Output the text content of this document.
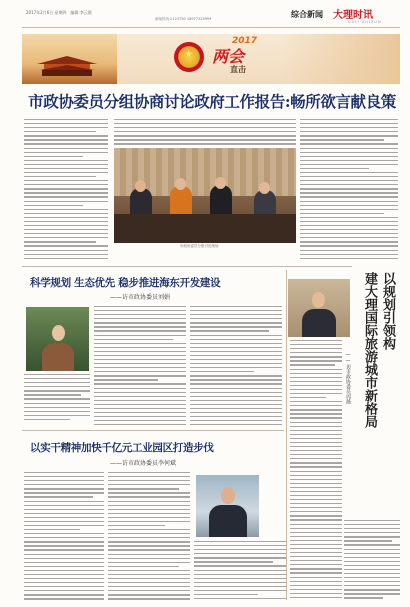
2017年2月6日 星期四 编辑:李云霞
新闻热线:2123750 18977329999	综合新闻 大理时讯
DALI SHIXUN
★
2017
两会
直击
市政协委员分组协商讨论政府工作报告:畅所欲言献良策
市政协委员分组讨论现场
科学规划 生态优先 稳步推进海东开发建设
——访市政协委员刘娟
以实干精神加快千亿元工业园区打造步伐
——访市政协委员李何斌
以规划引领构
建大理国际旅游城市新格局
——访市政协委员周薇
